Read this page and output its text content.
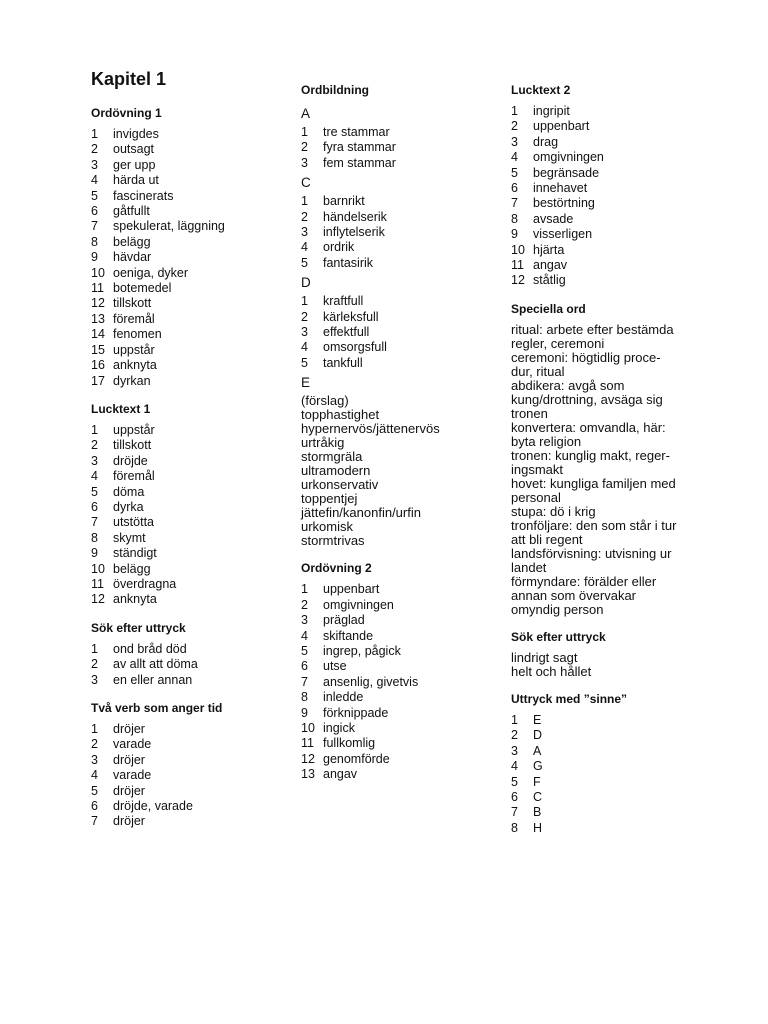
Kapitel 1
Ordövning 1
1	invigdes
2	outsagt
3	ger upp
4	härda ut
5	fascinerats
6	gåtfullt
7	spekulerat, läggning
8	belägg
9	hävdar
10 oeniga, dyker
11 botemedel
12 tillskott
13 föremål
14 fenomen
15 uppstår
16 anknyta
17 dyrkan
Lucktext 1
1	uppstår
2	tillskott
3	dröjde
4	föremål
5	döma
6	dyrka
7	utstötta
8	skymt
9	ständigt
10 belägg
11 överdragna
12 anknyta
Sök efter uttryck
1	ond bråd död
2	av allt att döma
3	en eller annan
Två verb som anger tid
1	dröjer
2	varade
3	dröjer
4	varade
5	dröjer
6	dröjde, varade
7	dröjer
Ordbildning
A
1	tre stammar
2	fyra stammar
3	fem stammar
C
1	barnrikt
2	händelserik
3	inflytelserik
4	ordrik
5	fantasirik
D
1	kraftfull
2	kärleksfull
3	effektfull
4	omsorgsfull
5	tankfull
E
(förslag)
topphastighet
hypernervös/jättenervös
urtråkig
stormgräla
ultramodern
urkonservativ
toppentjej
jättefin/kanonfin/urfin
urkomisk
stormtrivas
Ordövning 2
1	uppenbart
2	omgivningen
3	präglad
4	skiftande
5	ingrep, pågick
6	utse
7	ansenlig, givetvis
8	inledde
9	förknippade
10 ingick
11 fullkomlig
12 genomförde
13 angav
Lucktext 2
1	ingripit
2	uppenbart
3	drag
4	omgivningen
5	begränsade
6	innehavet
7	bestörtning
8	avsade
9	visserligen
10 hjärta
11 angav
12 ståtlig
Speciella ord
ritual: arbete efter bestämda
regler, ceremoni
ceremoni: högtidlig proce-
dur, ritual
abdikera: avgå som
kung/drottning, avsäga sig
tronen
konvertera: omvandla, här:
byta religion
tronen: kunglig makt, reger-
ingsmakt
hovet: kungliga familjen med
personal
stupa: dö i krig
tronföljare: den som står i tur
att bli regent
landsförvisning: utvisning ur
landet
förmyndare: förälder eller
annan som övervakar
omyndig person
Sök efter uttryck
lindrigt sagt
helt och hållet
Uttryck med ”sinne”
1	E
2	D
3	A
4	G
5	F
6	C
7	B
8	H
